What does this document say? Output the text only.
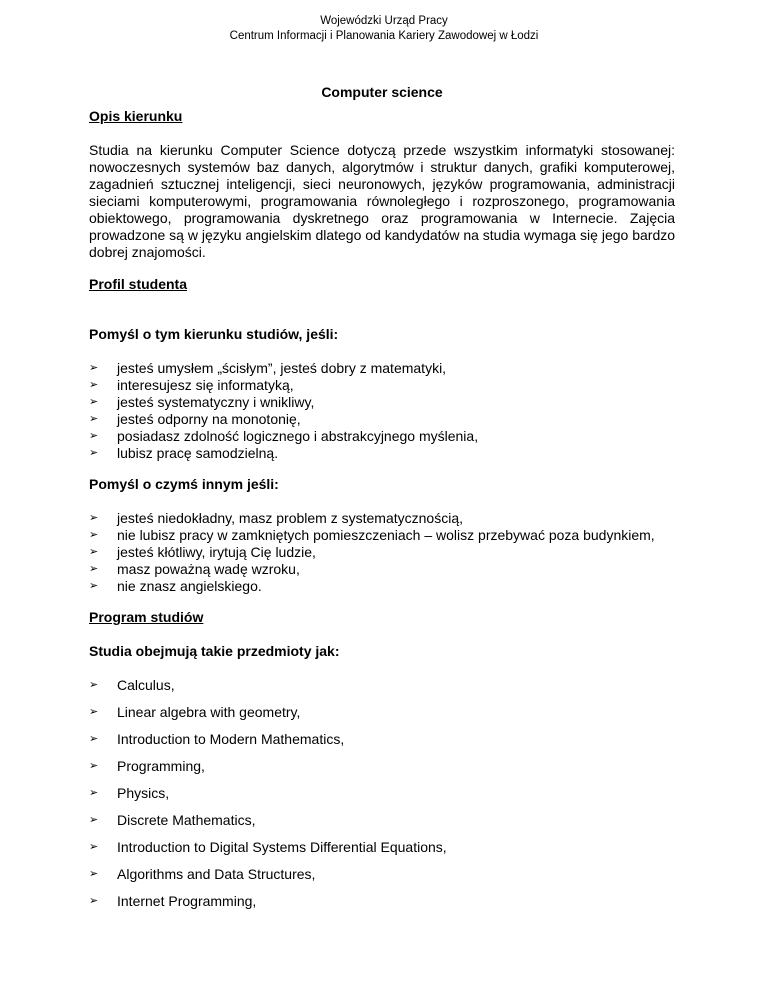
Wojewódzki Urząd Pracy
Centrum Informacji i Planowania Kariery Zawodowej w Łodzi
Computer science
Opis kierunku

Studia na kierunku Computer Science dotyczą przede wszystkim informatyki stosowanej: nowoczesnych systemów baz danych, algorytmów i struktur danych, grafiki komputerowej, zagadnień sztucznej inteligencji, sieci neuronowych, języków programowania, administracji sieciami komputerowymi, programowania równoległego i rozproszonego, programowania obiektowego, programowania dyskretnego oraz programowania w Internecie. Zajęcia prowadzone są w języku angielskim dlatego od kandydatów na studia wymaga się jego bardzo dobrej znajomości.

Profil studenta
Pomyśl o tym kierunku studiów, jeśli:
➢	jesteś umysłem „ścisłym”, jesteś dobry z matematyki,
➢	interesujesz się informatyką,
➢	jesteś systematyczny i wnikliwy,
➢	jesteś odporny na monotonię,
➢	posiadasz zdolność logicznego i abstrakcyjnego myślenia,
➢	lubisz pracę samodzielną.
Pomyśl o czymś innym jeśli:
➢	jesteś niedokładny, masz problem z systematycznością,
➢	nie lubisz pracy w zamkniętych pomieszczeniach – wolisz przebywać poza budynkiem,
➢	jesteś kłótliwy, irytują Cię ludzie,
➢	masz poważną wadę wzroku,
➢	nie znasz angielskiego.
Program studiów
Studia obejmują takie przedmioty jak:
➢	Calculus,
➢	Linear algebra with geometry,
➢	Introduction to Modern Mathematics,
➢	Programming,
➢	Physics,
➢	Discrete Mathematics,
➢	Introduction to Digital Systems Differential Equations,
➢	Algorithms and Data Structures,
➢	Internet Programming,
